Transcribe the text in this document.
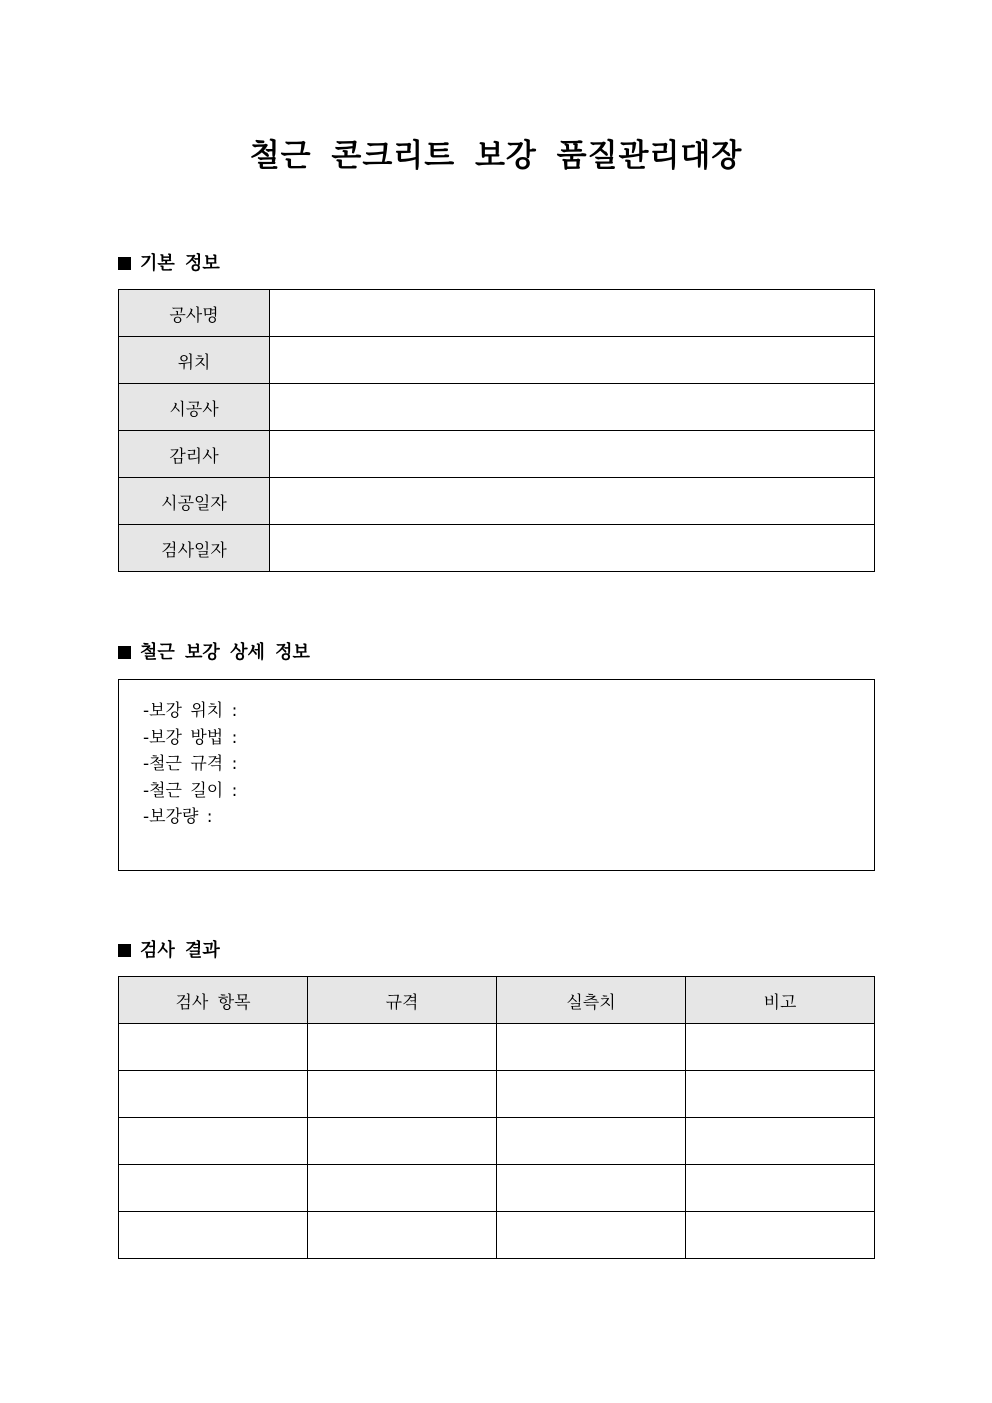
철근 콘크리트 보강 품질관리대장
기본 정보
공사명	
위치	
시공사	
감리사	
시공일자	
검사일자	
철근 보강 상세 정보
-보강 위치 :
-보강 방법 :
-철근 규격 :
-철근 길이 :
-보강량 :
검사 결과
검사 항목	규격	실측치	비고
